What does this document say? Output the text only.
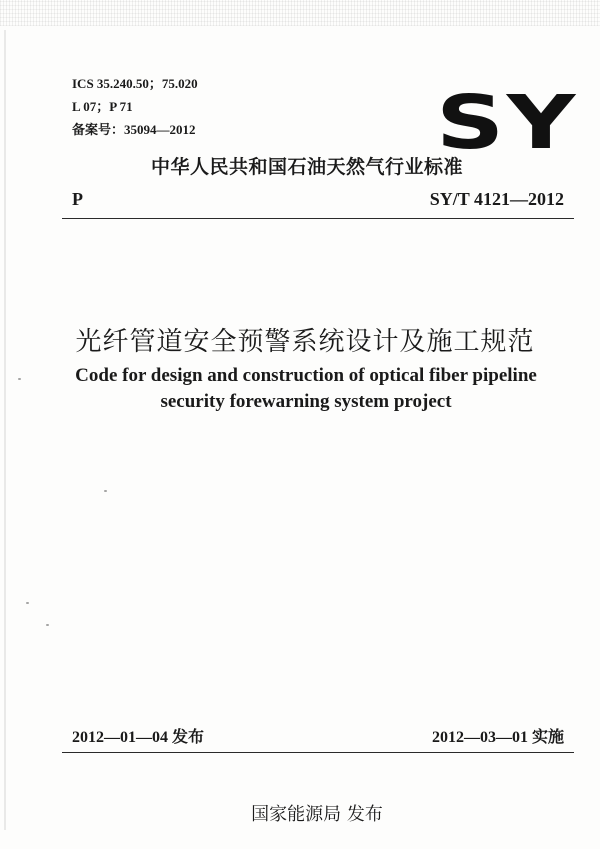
ICS 35.240.50；75.020
L 07；P 71
备案号：35094—2012	SY
中华人民共和国石油天然气行业标准
P	SY/T 4121—2012
光纤管道安全预警系统设计及施工规范
Code for design and construction of optical fiber pipeline
security forewarning system project
2012—01—04 发布	2012—03—01 实施
国家能源局 发布
